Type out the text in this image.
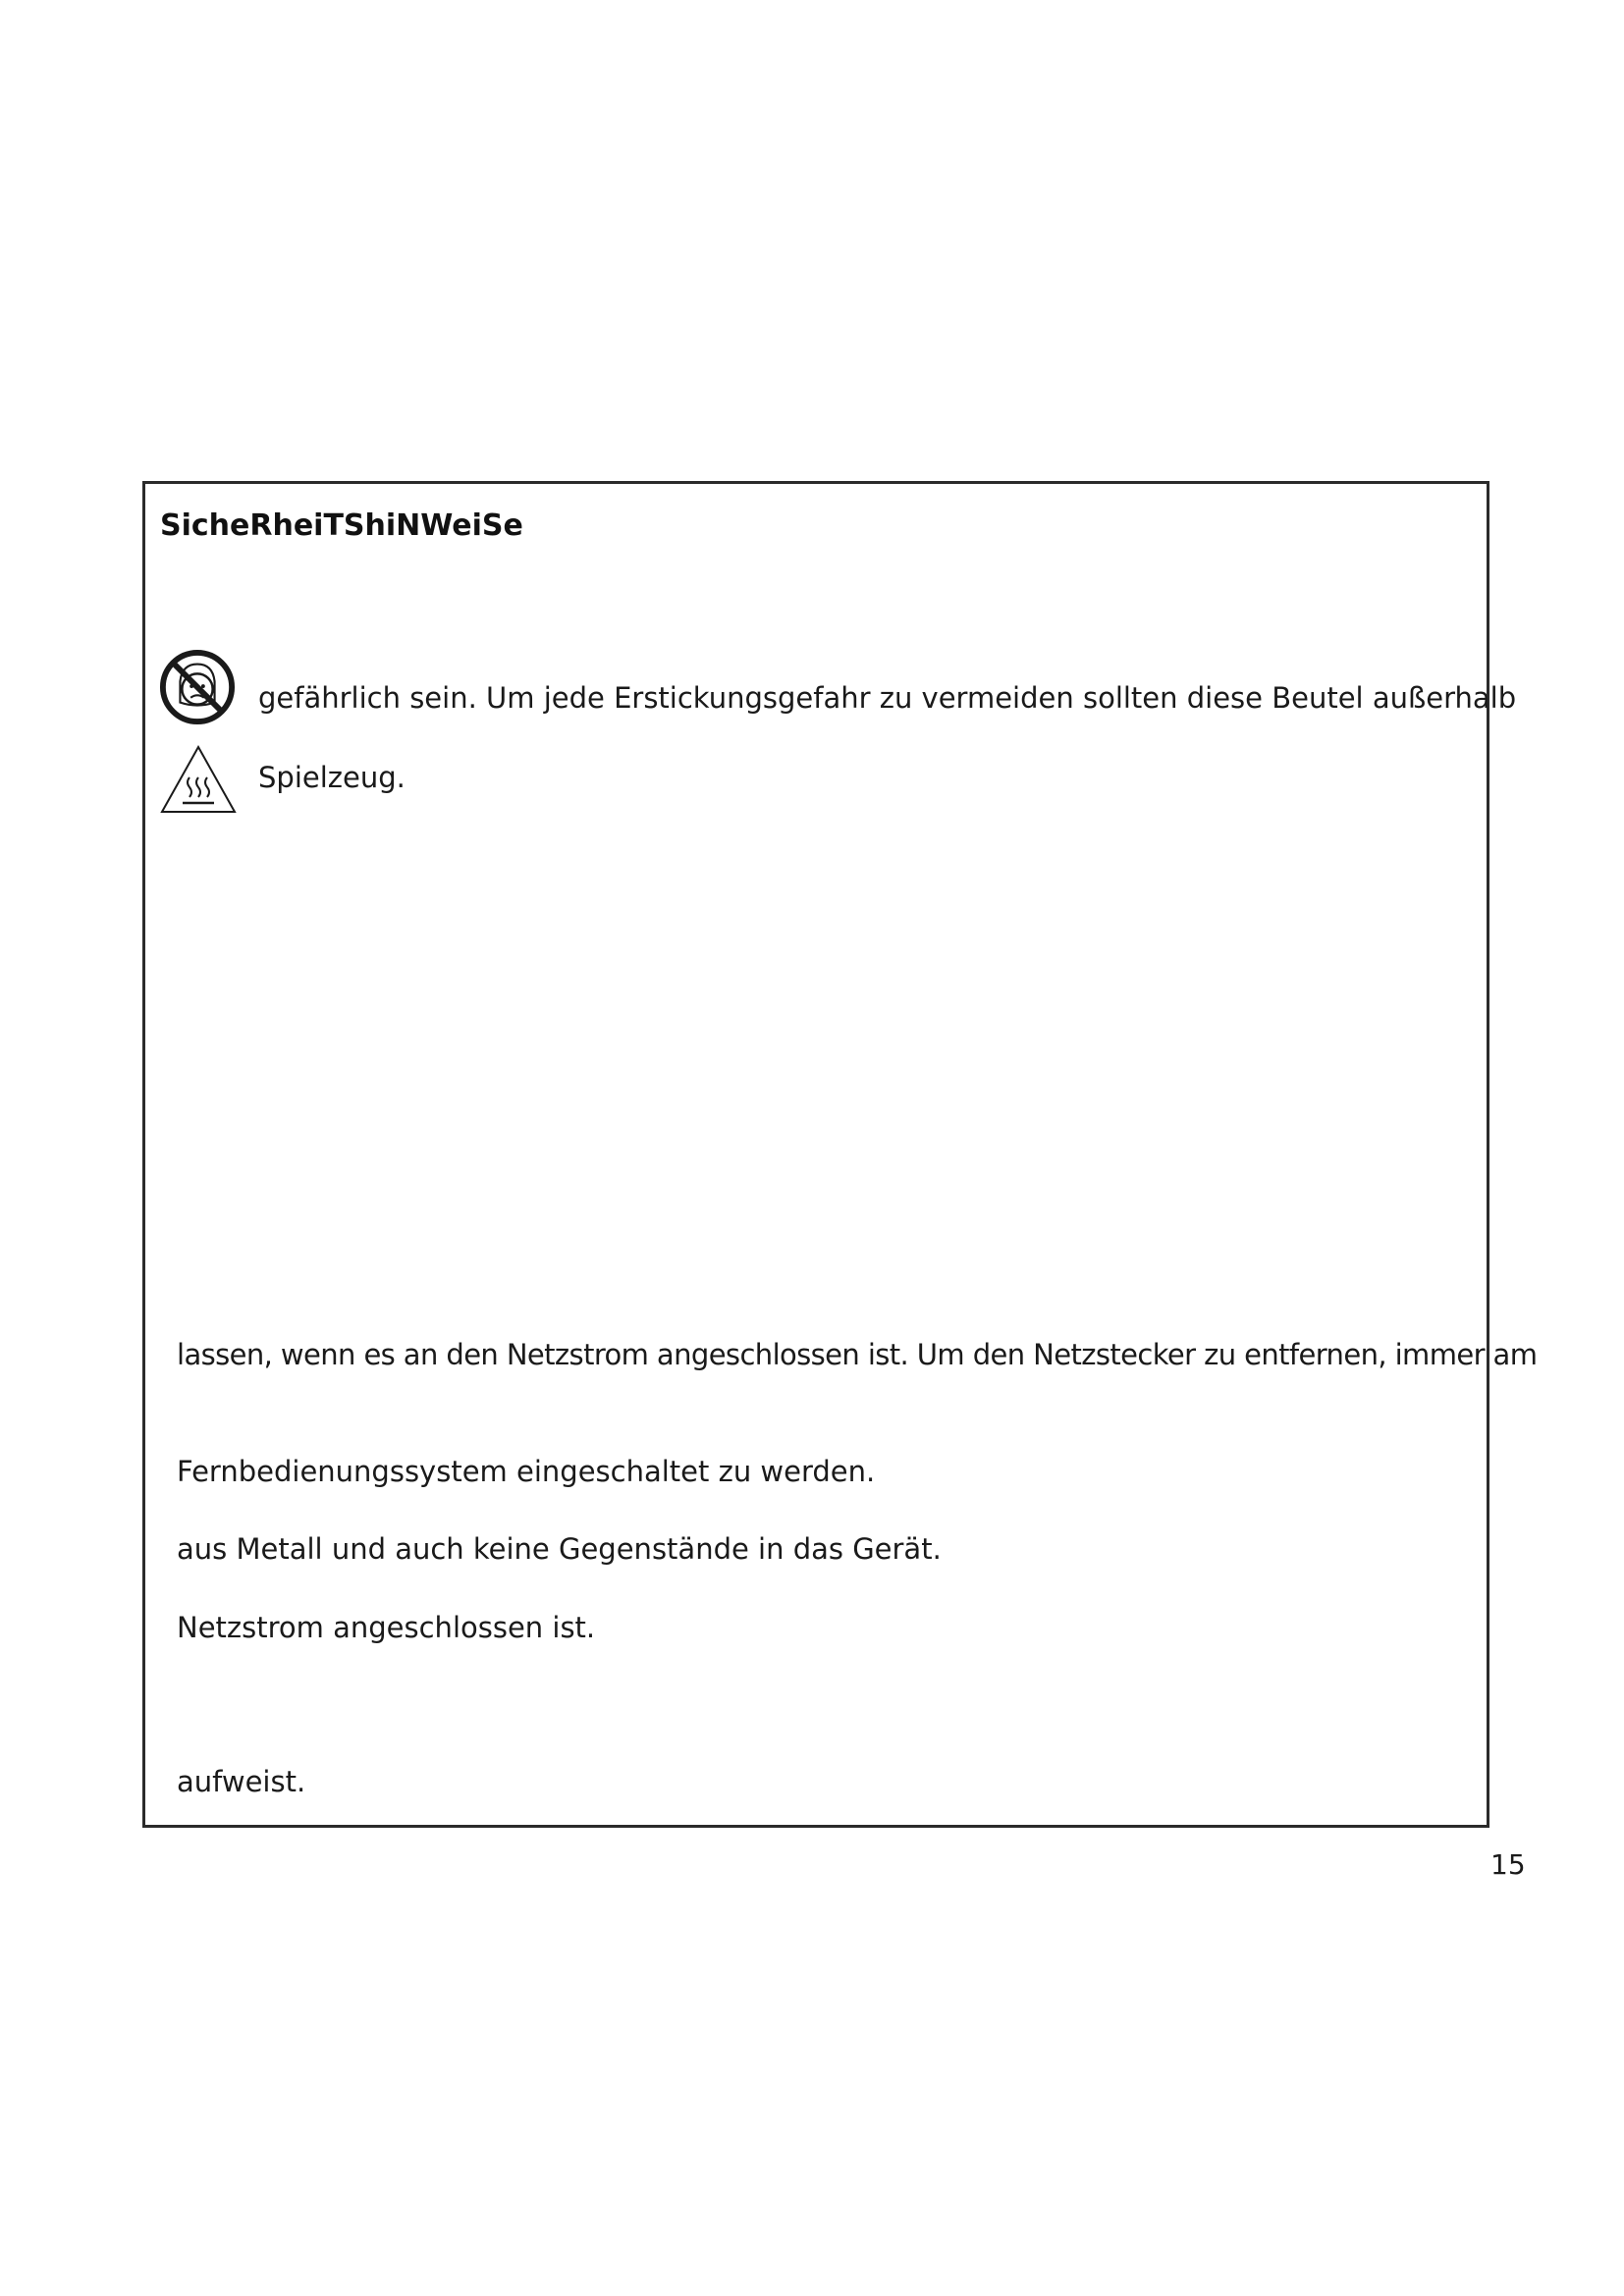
SicheRheiTShiNWeiSe
gefährlich sein. Um jede Erstickungsgefahr zu vermeiden sollten diese Beutel außerhalb
Spielzeug.
lassen, wenn es an den Netzstrom angeschlossen ist. Um den Netzstecker zu entfernen, immer am
Fernbedienungssystem eingeschaltet zu werden.
aus Metall und auch keine Gegenstände in das Gerät.
Netzstrom angeschlossen ist.
aufweist.
15
